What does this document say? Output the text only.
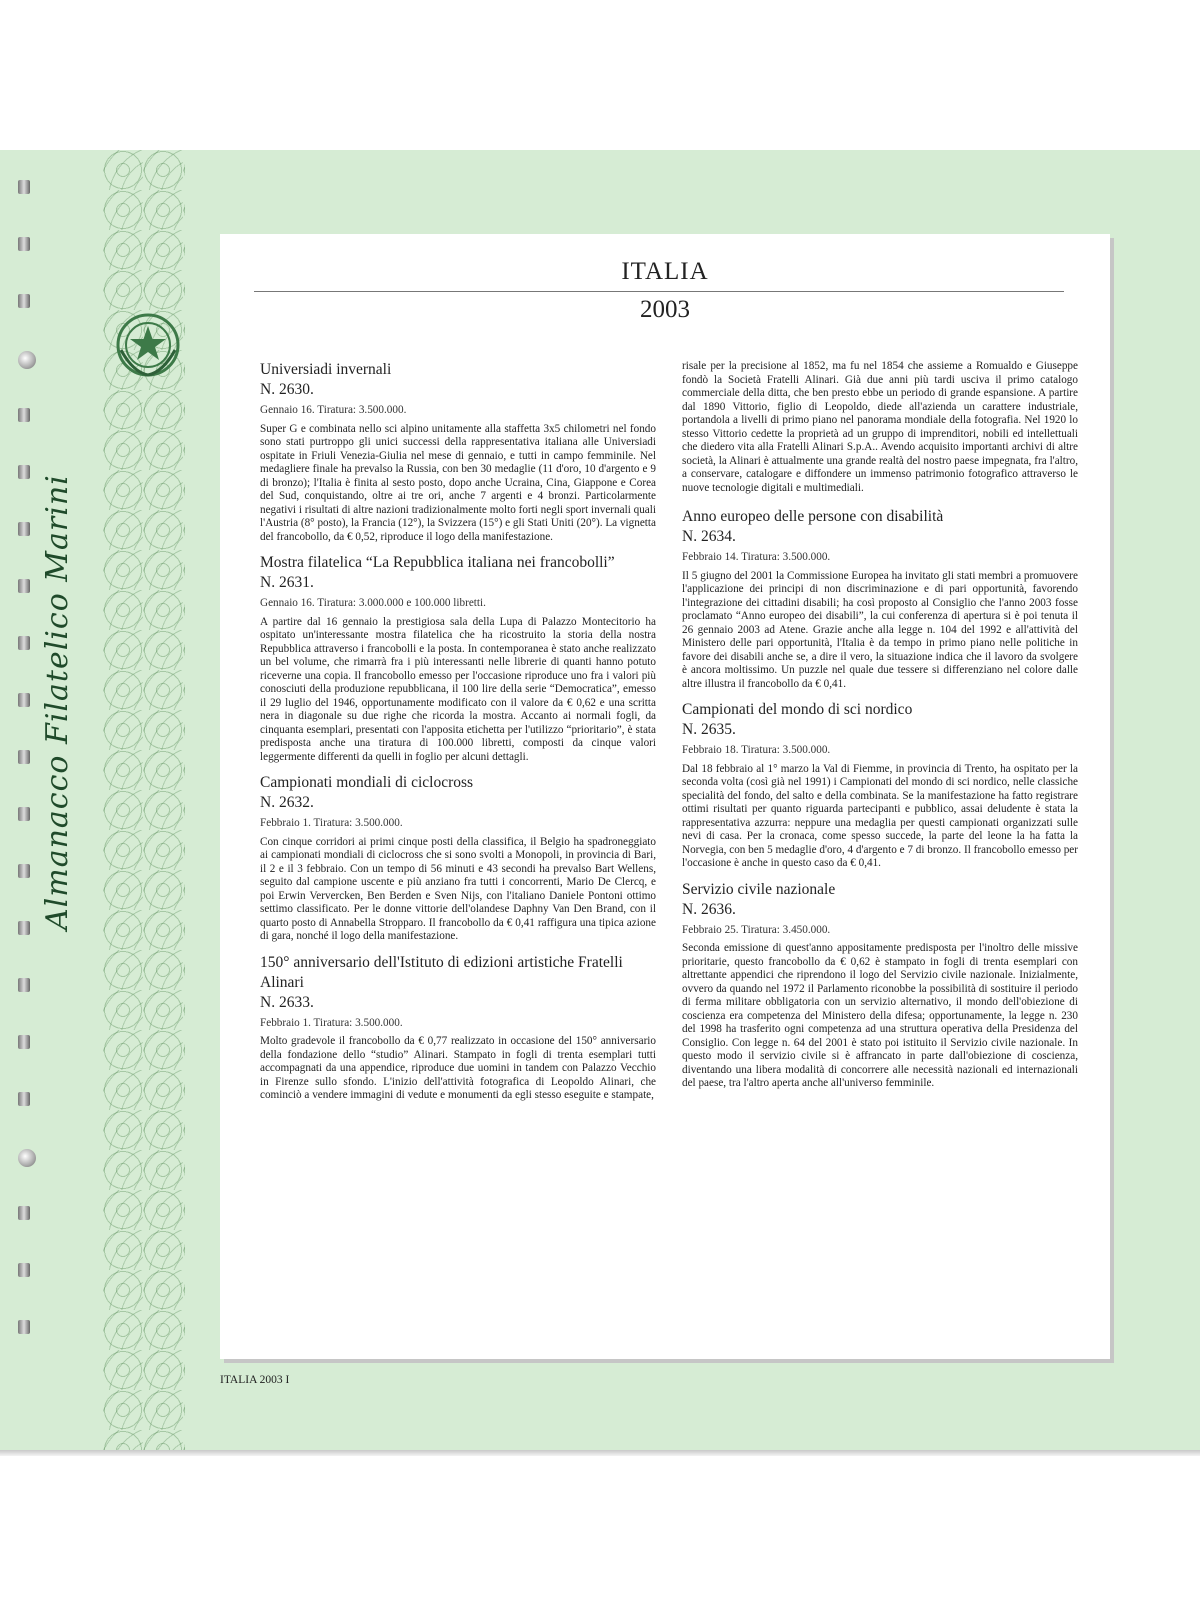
Almanacco Filatelico Marini
ITALIA
2003
Universiadi invernali
N. 2630.
Gennaio 16. Tiratura: 3.500.000.

Super G e combinata nello sci alpino unitamente alla staffetta 3x5 chilometri nel fondo sono stati purtroppo gli unici successi della rappresentativa italiana alle Universiadi ospitate in Friuli Venezia-Giulia nel mese di gennaio, e tutti in campo femminile. Nel medagliere finale ha prevalso la Russia, con ben 30 medaglie (11 d'oro, 10 d'argento e 9 di bronzo); l'Italia è finita al sesto posto, dopo anche Ucraina, Cina, Giappone e Corea del Sud, conquistando, oltre ai tre ori, anche 7 argenti e 4 bronzi. Particolarmente negativi i risultati di altre nazioni tradizionalmente molto forti negli sport invernali quali l'Austria (8° posto), la Francia (12°), la Svizzera (15°) e gli Stati Uniti (20°). La vignetta del francobollo, da € 0,52, riproduce il logo della manifestazione.

Mostra filatelica “La Repubblica italiana nei francobolli”
N. 2631.
Gennaio 16. Tiratura: 3.000.000 e 100.000 libretti.

A partire dal 16 gennaio la prestigiosa sala della Lupa di Palazzo Montecitorio ha ospitato un'interessante mostra filatelica che ha ricostruito la storia della nostra Repubblica attraverso i francobolli e la posta. In contemporanea è stato anche realizzato un bel volume, che rimarrà fra i più interessanti nelle librerie di quanti hanno potuto riceverne una copia. Il francobollo emesso per l'occasione riproduce uno fra i valori più conosciuti della produzione repubblicana, il 100 lire della serie “Democratica”, emesso il 29 luglio del 1946, opportunamente modificato con il valore da € 0,62 e una scritta nera in diagonale su due righe che ricorda la mostra. Accanto ai normali fogli, da cinquanta esemplari, presentati con l'apposita etichetta per l'utilizzo “prioritario”, è stata predisposta anche una tiratura di 100.000 libretti, composti da cinque valori leggermente differenti da quelli in foglio per alcuni dettagli.

Campionati mondiali di ciclocross
N. 2632.
Febbraio 1. Tiratura: 3.500.000.

Con cinque corridori ai primi cinque posti della classifica, il Belgio ha spadroneggiato ai campionati mondiali di ciclocross che si sono svolti a Monopoli, in provincia di Bari, il 2 e il 3 febbraio. Con un tempo di 56 minuti e 43 secondi ha prevalso Bart Wellens, seguito dal campione uscente e più anziano fra tutti i concorrenti, Mario De Clercq, e poi Erwin Ververcken, Ben Berden e Sven Nijs, con l'italiano Daniele Pontoni ottimo settimo classificato. Per le donne vittorie dell'olandese Daphny Van Den Brand, con il quarto posto di Annabella Stropparo. Il francobollo da € 0,41 raffigura una tipica azione di gara, nonché il logo della manifestazione.

150° anniversario dell'Istituto di edizioni artistiche Fratelli Alinari
N. 2633.
Febbraio 1. Tiratura: 3.500.000.

Molto gradevole il francobollo da € 0,77 realizzato in occasione del 150° anniversario della fondazione dello “studio” Alinari. Stampato in fogli di trenta esemplari tutti accompagnati da una appendice, riproduce due uomini in tandem con Palazzo Vecchio in Firenze sullo sfondo. L'inizio dell'attività fotografica di Leopoldo Alinari, che cominciò a vendere immagini di vedute e monumenti da egli stesso eseguite e stampate,

risale per la precisione al 1852, ma fu nel 1854 che assieme a Romualdo e Giuseppe fondò la Società Fratelli Alinari. Già due anni più tardi usciva il primo catalogo commerciale della ditta, che ben presto ebbe un periodo di grande espansione. A partire dal 1890 Vittorio, figlio di Leopoldo, diede all'azienda un carattere industriale, portandola a livelli di primo piano nel panorama mondiale della fotografia. Nel 1920 lo stesso Vittorio cedette la proprietà ad un gruppo di imprenditori, nobili ed intellettuali che diedero vita alla Fratelli Alinari S.p.A.. Avendo acquisito importanti archivi di altre società, la Alinari è attualmente una grande realtà del nostro paese impegnata, fra l'altro, a conservare, catalogare e diffondere un immenso patrimonio fotografico attraverso le nuove tecnologie digitali e multimediali.

Anno europeo delle persone con disabilità
N. 2634.
Febbraio 14. Tiratura: 3.500.000.

Il 5 giugno del 2001 la Commissione Europea ha invitato gli stati membri a promuovere l'applicazione dei principi di non discriminazione e di pari opportunità, favorendo l'integrazione dei cittadini disabili; ha così proposto al Consiglio che l'anno 2003 fosse proclamato “Anno europeo dei disabili”, la cui conferenza di apertura si è poi tenuta il 26 gennaio 2003 ad Atene. Grazie anche alla legge n. 104 del 1992 e all'attività del Ministero delle pari opportunità, l'Italia è da tempo in primo piano nelle politiche in favore dei disabili anche se, a dire il vero, la situazione indica che il lavoro da svolgere è ancora moltissimo. Un puzzle nel quale due tessere si differenziano nel colore dalle altre illustra il francobollo da € 0,41.

Campionati del mondo di sci nordico
N. 2635.
Febbraio 18. Tiratura: 3.500.000.

Dal 18 febbraio al 1° marzo la Val di Fiemme, in provincia di Trento, ha ospitato per la seconda volta (così già nel 1991) i Campionati del mondo di sci nordico, nelle classiche specialità del fondo, del salto e della combinata. Se la manifestazione ha fatto registrare ottimi risultati per quanto riguarda partecipanti e pubblico, assai deludente è stata la rappresentativa azzurra: neppure una medaglia per questi campionati organizzati sulle nevi di casa. Per la cronaca, come spesso succede, la parte del leone la ha fatta la Norvegia, con ben 5 medaglie d'oro, 4 d'argento e 7 di bronzo. Il francobollo emesso per l'occasione è anche in questo caso da € 0,41.

Servizio civile nazionale
N. 2636.
Febbraio 25. Tiratura: 3.450.000.

Seconda emissione di quest'anno appositamente predisposta per l'inoltro delle missive prioritarie, questo francobollo da € 0,62 è stampato in fogli di trenta esemplari con altrettante appendici che riprendono il logo del Servizio civile nazionale. Inizialmente, ovvero da quando nel 1972 il Parlamento riconobbe la possibilità di sostituire il periodo di ferma militare obbligatoria con un servizio alternativo, il mondo dell'obiezione di coscienza era competenza del Ministero della difesa; opportunamente, la legge n. 230 del 1998 ha trasferito ogni competenza ad una struttura operativa della Presidenza del Consiglio. Con legge n. 64 del 2001 è stato poi istituito il Servizio civile nazionale. In questo modo il servizio civile si è affrancato in parte dall'obiezione di coscienza, diventando una libera modalità di concorrere alle necessità nazionali ed internazionali del paese, tra l'altro aperta anche all'universo femminile.

ITALIA 2003 I
